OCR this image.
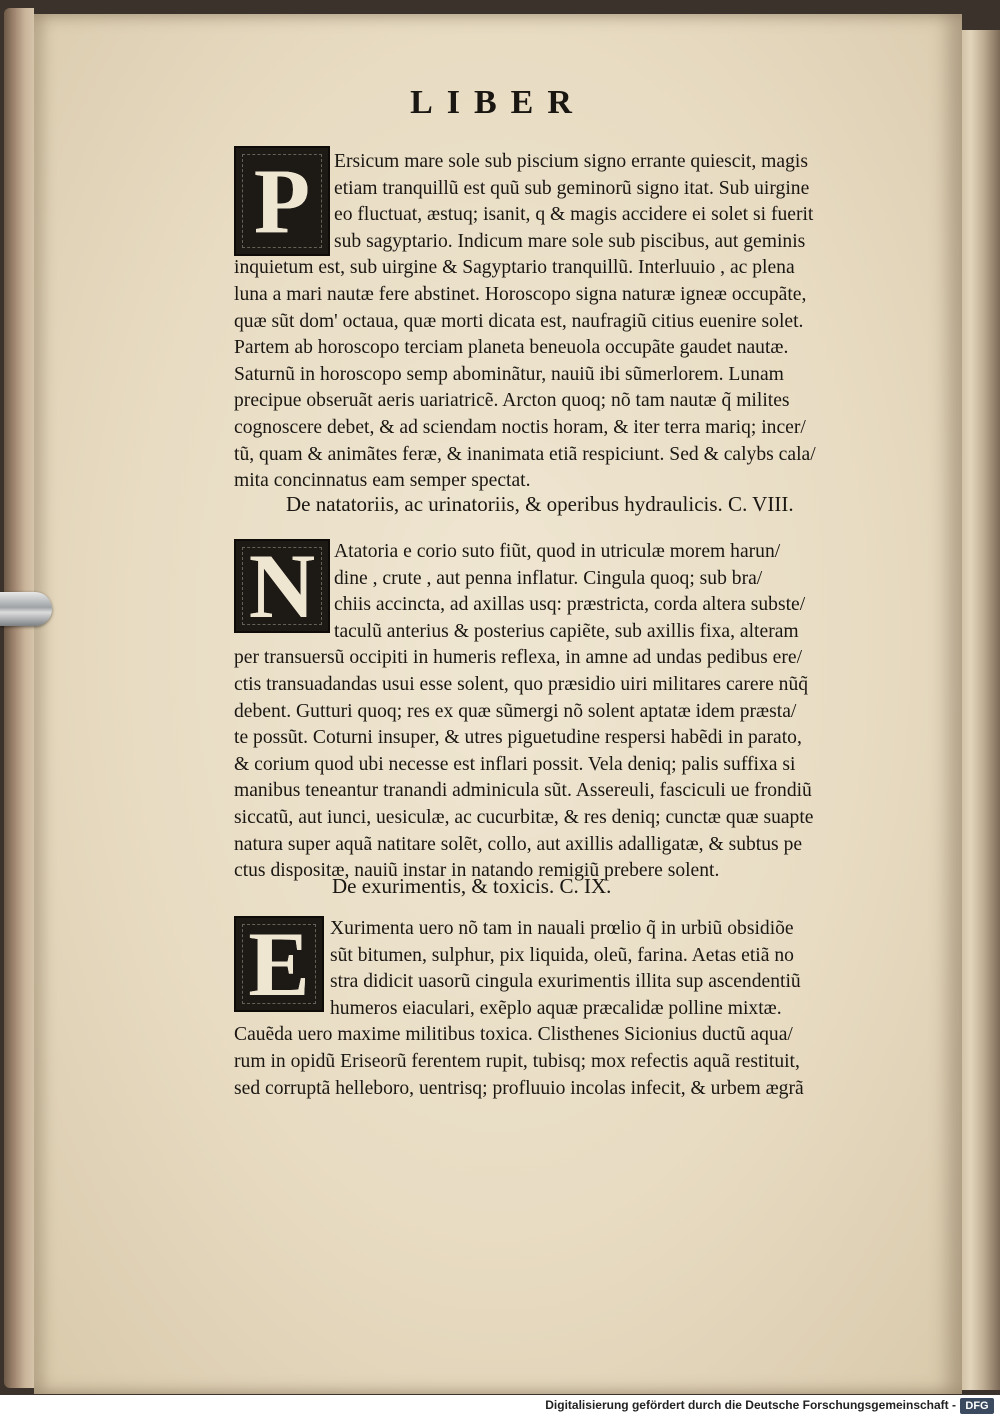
LIBER
P	Ersicum mare sole sub piscium signo errante quiescit, magis
etiam tranquillũ est quũ sub geminorũ signo itat. Sub uirgine
eo fluctuat, æstuq; isanit, q & magis accidere ei solet si fuerit
sub sagyptario. Indicum mare sole sub piscibus, aut geminis
inquietum est, sub uirgine & Sagyptario tranquillũ. Interluuio , ac plena
luna a mari nautæ fere abstinet. Horoscopo signa naturæ igneæ occupãte,
quæ sũt dom' octaua, quæ morti dicata est, naufragiũ citius euenire solet.
Partem ab horoscopo terciam planeta beneuola occupãte gaudet nautæ.
Saturnũ in horoscopo semp abominãtur, nauiũ ibi sũmerlorem. Lunam
precipue obseruãt aeris uariatricẽ. Arcton quoq; nõ tam nautæ q̃ milites
cognoscere debet, & ad sciendam noctis horam, & iter terra mariq; incer/
tũ, quam & animãtes feræ, & inanimata etiã respiciunt. Sed & calybs cala/
mita concinnatus eam semper spectat.
De natatoriis, ac urinatoriis, & operibus hydraulicis. C. VIII.
N Atatoria e corio suto fiũt, quod in utriculæ morem harun/
dine , crute , aut penna inflatur. Cingula quoq; sub bra/
chiis accincta, ad axillas usq: præstricta, corda altera subste/
taculũ anterius & posterius capiẽte, sub axillis fixa, alteram
per transuersũ occipiti in humeris reflexa, in amne ad undas pedibus ere/
ctis transuadandas usui esse solent, quo præsidio uiri militares carere nũq̃
debent. Gutturi quoq; res ex quæ sũmergi nõ solent aptatæ idem præsta/
te possũt. Coturni insuper, & utres piguetudine respersi habẽdi in parato,
& corium quod ubi necesse est inflari possit. Vela deniq; palis suffixa si
manibus teneantur tranandi adminicula sũt. Assereuli, fasciculi ue frondiũ
siccatũ, aut iunci, uesiculæ, ac cucurbitæ, & res deniq; cunctæ quæ suapte
natura super aquã natitare solẽt, collo, aut axillis adalligatæ, & subtus pe
ctus dispositæ, nauiũ instar in natando remigiũ prebere solent.
De exurimentis, & toxicis. C. IX.
E	Xurimenta uero nõ tam in nauali prœlio q̃ in urbiũ obsidiõe
sũt bitumen, sulphur, pix liquida, oleũ, farina. Aetas etiã no
stra didicit uasorũ cingula exurimentis illita sup ascendentiũ
humeros eiaculari, exẽplo aquæ præcalidæ polline mixtæ.
Cauẽda uero maxime militibus toxica. Clisthenes Sicionius ductũ aqua/
rum in opidũ Eriseorũ ferentem rupit, tubisq; mox refectis aquã restituit,
sed corruptã helleboro, uentrisq; profluuio incolas infecit, & urbem ægrã
Digitalisierung gefördert durch die Deutsche Forschungsgemeinschaft - DFG
